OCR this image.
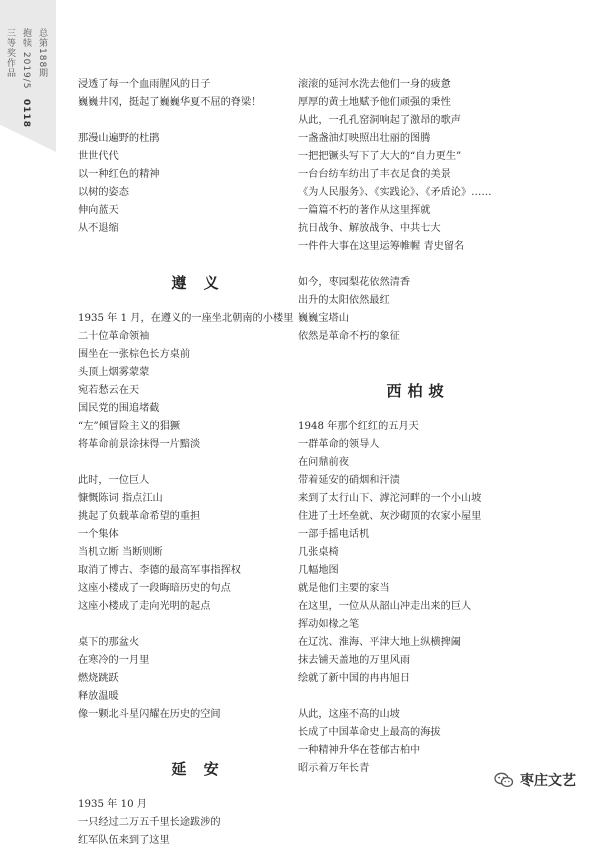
三等奖作品 抱犊 2019/5 0118
总第188期
浸透了每一个血雨腥风的日子
巍巍井冈，挺起了巍巍华夏不屈的脊梁！
那漫山遍野的杜鹃
世世代代
以一种红色的精神
以树的姿态
伸向蓝天
从不退缩
遵 义
1935 年 1 月，在遵义的一座坐北朝南的小楼里
二十位革命领袖
围坐在一张棕色长方桌前
头顶上烟雾蒙蒙
宛若愁云在天
国民党的围追堵截
“左”倾冒险主义的猖獗
将革命前景涂抹得一片黯淡
此时，一位巨人
慷慨陈词 指点江山
挑起了负载革命希望的重担
一个集体
当机立断 当断则断
取消了博古、李德的最高军事指挥权
这座小楼成了一段晦暗历史的句点
这座小楼成了走向光明的起点
桌下的那盆火
在寒冷的一月里
燃烧跳跃
释放温暖
像一颗北斗星闪耀在历史的空间
延 安
1935 年 10 月
一只经过二万五千里长途跋涉的
红军队伍来到了这里
滚滚的延河水洗去他们一身的疲惫
厚厚的黄土地赋予他们顽强的秉性
从此，一孔孔窑洞响起了激昂的歌声
一盏盏油灯映照出壮丽的图腾
一把把镢头写下了大大的“自力更生”
一台台纺车纺出了丰衣足食的美景
《为人民服务》、《实践论》、《矛盾论》……
一篇篇不朽的著作从这里挥就
抗日战争、解放战争、中共七大
一件件大事在这里运筹帷幄 青史留名
如今，枣园梨花依然清香
出升的太阳依然最红
巍巍宝塔山
依然是革命不朽的象征
西柏坡
1948 年那个红红的五月天
一群革命的领导人
在问鼎前夜
带着延安的硝烟和汗渍
来到了太行山下、滹沱河畔的一个小山坡
住进了土坯垒就、灰沙砌顶的农家小屋里
一部手摇电话机
几张桌椅
几幅地图
就是他们主要的家当
在这里，一位从从韶山冲走出来的巨人
挥动如椽之笔
在辽沈、淮海、平津大地上纵横捭阖
抹去铺天盖地的万里风雨
绘就了新中国的冉冉旭日
从此，这座不高的山坡
长成了中国革命史上最高的海拔
一种精神升华在苍郁古柏中
昭示着万年长青
枣庄文艺
